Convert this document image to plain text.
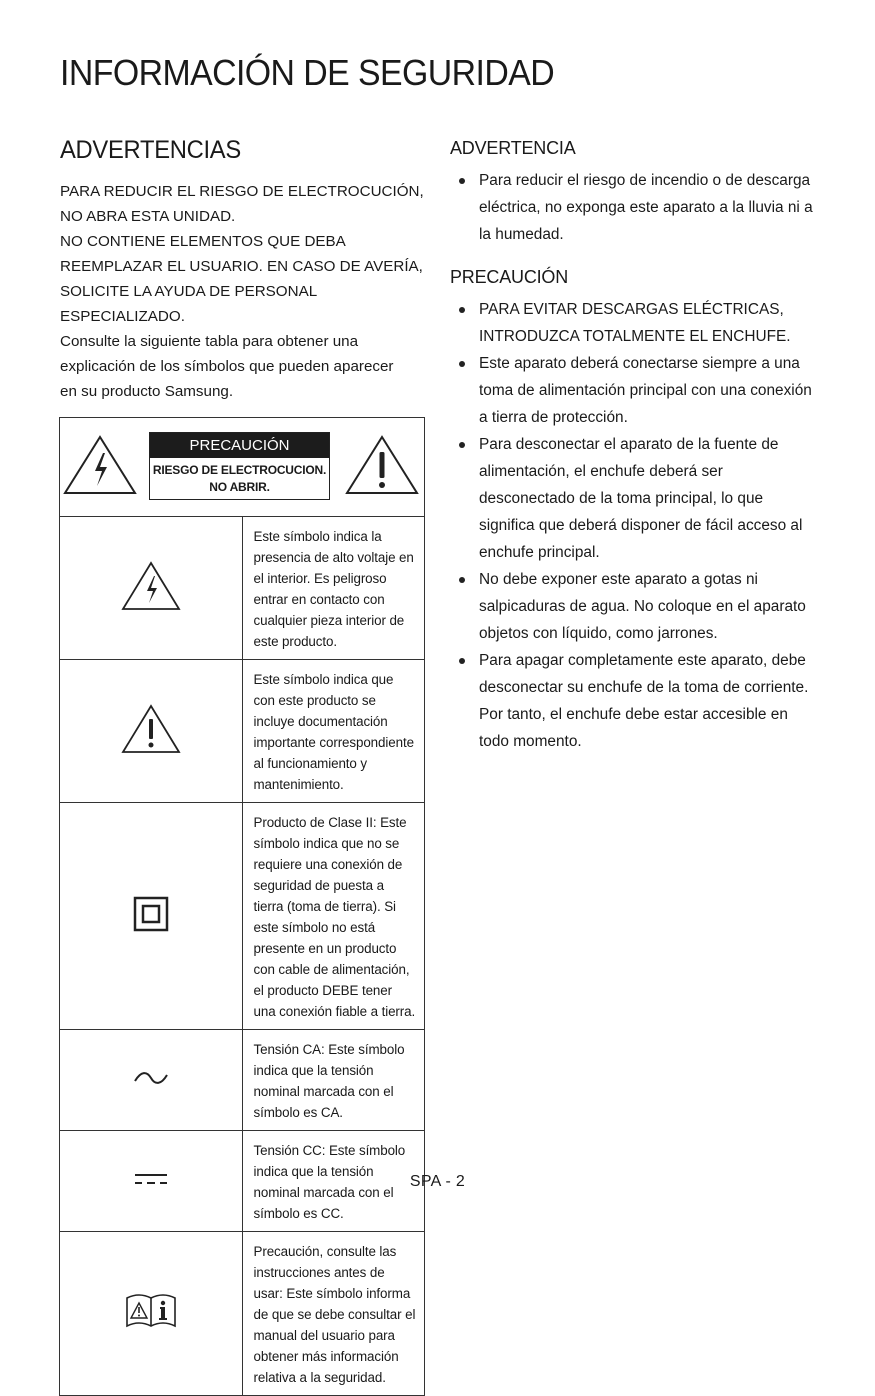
INFORMACIÓN DE SEGURIDAD
ADVERTENCIAS
PARA REDUCIR EL RIESGO DE ELECTROCUCIÓN,
NO ABRA ESTA UNIDAD.
NO CONTIENE ELEMENTOS QUE DEBA
REEMPLAZAR EL USUARIO. EN CASO DE AVERÍA,
SOLICITE LA AYUDA DE PERSONAL
ESPECIALIZADO.
Consulte la siguiente tabla para obtener una
explicación de los símbolos que pueden aparecer
en su producto Samsung.
PRECAUCIÓN
RIESGO DE ELECTROCUCION.
NO ABRIR.	

	Este símbolo indica la presencia de alto voltaje en el interior. Es peligroso entrar en contacto con cualquier pieza interior de este producto.
	Este símbolo indica que con este producto se incluye documentación importante correspondiente al funcionamiento y mantenimiento.
	Producto de Clase II: Este símbolo indica que no se requiere una conexión de seguridad de puesta a tierra (toma de tierra). Si este símbolo no está presente en un producto con cable de alimentación, el producto DEBE tener una conexión fiable a tierra.
	Tensión CA: Este símbolo indica que la tensión nominal marcada con el símbolo es CA.
	Tensión CC: Este símbolo indica que la tensión nominal marcada con el símbolo es CC.
	Precaución, consulte las instrucciones antes de usar: Este símbolo informa de que se debe consultar el manual del usuario para obtener más información relativa a la seguridad.
ADVERTENCIA
Para reducir el riesgo de incendio o de descarga eléctrica, no exponga este aparato a la lluvia ni a la humedad.
PRECAUCIÓN
PARA EVITAR DESCARGAS ELÉCTRICAS, INTRODUZCA TOTALMENTE EL ENCHUFE.
Este aparato deberá conectarse siempre a una toma de alimentación principal con una conexión a tierra de protección.
Para desconectar el aparato de la fuente de alimentación, el enchufe deberá ser desconectado de la toma principal, lo que significa que deberá disponer de fácil acceso al enchufe principal.
No debe exponer este aparato a gotas ni salpicaduras de agua. No coloque en el aparato objetos con líquido, como jarrones.
Para apagar completamente este aparato, debe desconectar su enchufe de la toma de corriente. Por tanto, el enchufe debe estar accesible en todo momento.
SPA - 2
